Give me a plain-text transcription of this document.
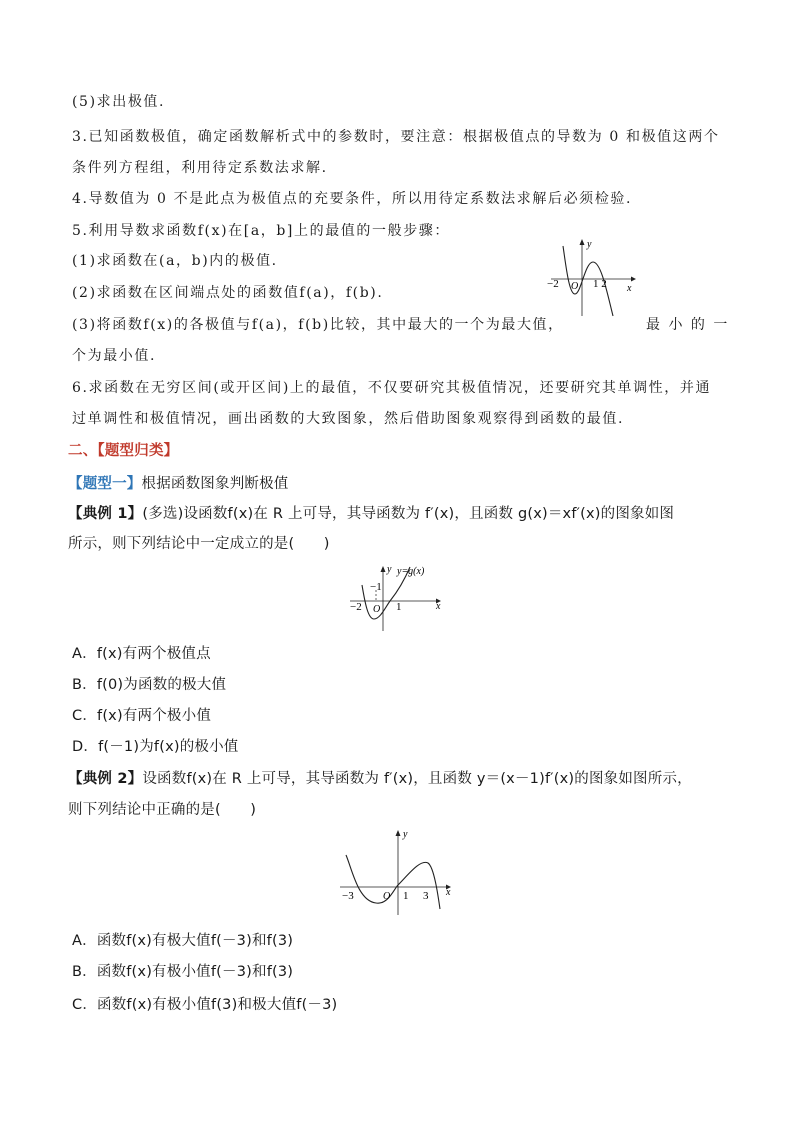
(5)求出极值.
3.已知函数极值，确定函数解析式中的参数时，要注意：根据极值点的导数为 0 和极值这两个
条件列方程组，利用待定系数法求解.
4.导数值为 0 不是此点为极值点的充要条件，所以用待定系数法求解后必须检验.
5.利用导数求函数f(x)在[a，b]上的最值的一般步骤：
(1)求函数在(a，b)内的极值.
(2)求函数在区间端点处的函数值f(a)，f(b).
(3)将函数f(x)的各极值与f(a)，f(b)比较，其中最大的一个为最大值，	最 小 的 一
个为最小值.
6.求函数在无穷区间(或开区间)上的最值，不仅要研究其极值情况，还要研究其单调性，并通
过单调性和极值情况，画出函数的大致图象，然后借助图象观察得到函数的最值.
y
x
O
−2	1 2
二、【题型归类】
【题型一】根据函数图象判断极值
【典例 1】(多选)设函数f(x)在 R 上可导，其导函数为 f′(x)，且函数 g(x)＝xf′(x)的图象如图
所示，则下列结论中一定成立的是(　　)
y=g(x)
y
x
O
−2
−1
1
A．f(x)有两个极值点
B．f(0)为函数的极大值
C．f(x)有两个极小值
D．f(－1)为f(x)的极小值
【典例 2】设函数f(x)在 R 上可导，其导函数为 f′(x)，且函数 y＝(x－1)f′(x)的图象如图所示，
则下列结论中正确的是(　　)
y
x
O
−3	1 3
A．函数f(x)有极大值f(－3)和f(3)
B．函数f(x)有极小值f(－3)和f(3)
C．函数f(x)有极小值f(3)和极大值f(－3)
